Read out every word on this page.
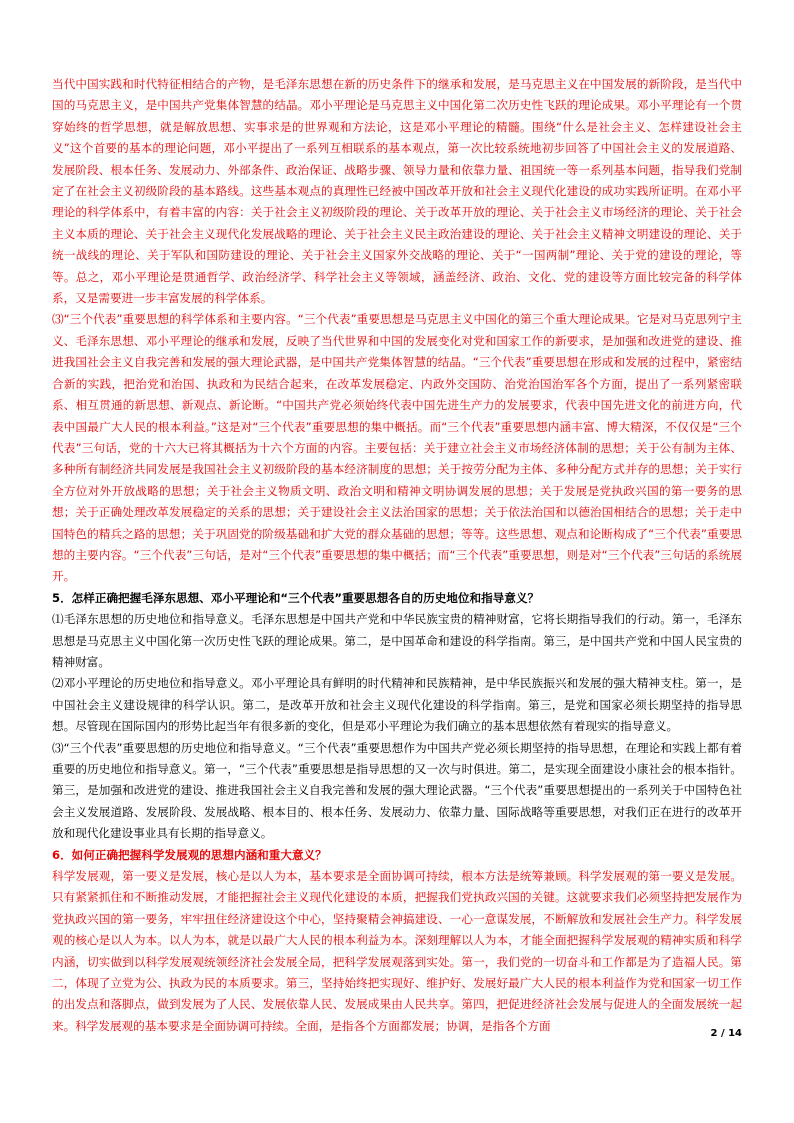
当代中国实践和时代特征相结合的产物，是毛泽东思想在新的历史条件下的继承和发展，是马克思主义在中国发展的新阶段，是当代中国的马克思主义，是中国共产党集体智慧的结晶。邓小平理论是马克思主义中国化第二次历史性飞跃的理论成果。邓小平理论有一个贯穿始终的哲学思想，就是解放思想、实事求是的世界观和方法论，这是邓小平理论的精髓。围绕“什么是社会主义、怎样建设社会主义”这个首要的基本的理论问题，邓小平提出了一系列互相联系的基本观点，第一次比较系统地初步回答了中国社会主义的发展道路、发展阶段、根本任务、发展动力、外部条件、政治保证、战略步骤、领导力量和依靠力量、祖国统一等一系列基本问题，指导我们党制定了在社会主义初级阶段的基本路线。这些基本观点的真理性已经被中国改革开放和社会主义现代化建设的成功实践所证明。在邓小平理论的科学体系中，有着丰富的内容：关于社会主义初级阶段的理论、关于改革开放的理论、关于社会主义市场经济的理论、关于社会主义本质的理论、关于社会主义现代化发展战略的理论、关于社会主义民主政治建设的理论、关于社会主义精神文明建设的理论、关于统一战线的理论、关于军队和国防建设的理论、关于社会主义国家外交战略的理论、关于“一国两制”理论、关于党的建设的理论，等等。总之，邓小平理论是贯通哲学、政治经济学、科学社会主义等领域，涵盖经济、政治、文化、党的建设等方面比较完备的科学体系，又是需要进一步丰富发展的科学体系。

⑶“三个代表”重要思想的科学体系和主要内容。“三个代表”重要思想是马克思主义中国化的第三个重大理论成果。它是对马克思列宁主义、毛泽东思想、邓小平理论的继承和发展，反映了当代世界和中国的发展变化对党和国家工作的新要求，是加强和改进党的建设、推进我国社会主义自我完善和发展的强大理论武器，是中国共产党集体智慧的结晶。“三个代表”重要思想在形成和发展的过程中，紧密结合新的实践，把治党和治国、执政和为民结合起来，在改革发展稳定、内政外交国防、治党治国治军各个方面，提出了一系列紧密联系、相互贯通的新思想、新观点、新论断。“中国共产党必须始终代表中国先进生产力的发展要求，代表中国先进文化的前进方向，代表中国最广大人民的根本利益。”这是对“三个代表”重要思想的集中概括。而“三个代表”重要思想内涵丰富、博大精深，不仅仅是“三个代表”三句话，党的十六大已将其概括为十六个方面的内容。主要包括：关于建立社会主义市场经济体制的思想；关于公有制为主体、多种所有制经济共同发展是我国社会主义初级阶段的基本经济制度的思想；关于按劳分配为主体、多种分配方式并存的思想；关于实行全方位对外开放战略的思想；关于社会主义物质文明、政治文明和精神文明协调发展的思想；关于发展是党执政兴国的第一要务的思想；关于正确处理改革发展稳定的关系的思想；关于建设社会主义法治国家的思想；关于依法治国和以德治国相结合的思想；关于走中国特色的精兵之路的思想；关于巩固党的阶级基础和扩大党的群众基础的思想；等等。这些思想、观点和论断构成了“三个代表”重要思想的主要内容。“三个代表”三句话，是对“三个代表”重要思想的集中概括；而“三个代表”重要思想，则是对“三个代表”三句话的系统展开。

5．怎样正确把握毛泽东思想、邓小平理论和“三个代表”重要思想各自的历史地位和指导意义？

⑴毛泽东思想的历史地位和指导意义。毛泽东思想是中国共产党和中华民族宝贵的精神财富，它将长期指导我们的行动。第一，毛泽东思想是马克思主义中国化第一次历史性飞跃的理论成果。第二，是中国革命和建设的科学指南。第三，是中国共产党和中国人民宝贵的精神财富。

⑵邓小平理论的历史地位和指导意义。邓小平理论具有鲜明的时代精神和民族精神，是中华民族振兴和发展的强大精神支柱。第一，是中国社会主义建设规律的科学认识。第二，是改革开放和社会主义现代化建设的科学指南。第三，是党和国家必须长期坚持的指导思想。尽管现在国际国内的形势比起当年有很多新的变化，但是邓小平理论为我们确立的基本思想依然有着现实的指导意义。

⑶“三个代表”重要思想的历史地位和指导意义。“三个代表”重要思想作为中国共产党必须长期坚持的指导思想，在理论和实践上都有着重要的历史地位和指导意义。第一，“三个代表”重要思想是指导思想的又一次与时俱进。第二，是实现全面建设小康社会的根本指针。第三，是加强和改进党的建设、推进我国社会主义自我完善和发展的强大理论武器。“三个代表”重要思想提出的一系列关于中国特色社会主义发展道路、发展阶段、发展战略、根本目的、根本任务、发展动力、依靠力量、国际战略等重要思想，对我们正在进行的改革开放和现代化建设事业具有长期的指导意义。

6．如何正确把握科学发展观的思想内涵和重大意义？

科学发展观，第一要义是发展，核心是以人为本，基本要求是全面协调可持续，根本方法是统筹兼顾。科学发展观的第一要义是发展。只有紧紧抓住和不断推动发展，才能把握社会主义现代化建设的本质，把握我们党执政兴国的关键。这就要求我们必须坚持把发展作为党执政兴国的第一要务，牢牢扭住经济建设这个中心，坚持聚精会神搞建设、一心一意谋发展，不断解放和发展社会生产力。科学发展观的核心是以人为本。以人为本，就是以最广大人民的根本利益为本。深刻理解以人为本，才能全面把握科学发展观的精神实质和科学内涵，切实做到以科学发展观统领经济社会发展全局，把科学发展观落到实处。第一，我们党的一切奋斗和工作都是为了造福人民。第二，体现了立党为公、执政为民的本质要求。第三，坚持始终把实现好、维护好、发展好最广大人民的根本利益作为党和国家一切工作的出发点和落脚点，做到发展为了人民、发展依靠人民、发展成果由人民共享。第四，把促进经济社会发展与促进人的全面发展统一起来。科学发展观的基本要求是全面协调可持续。全面，是指各个方面都发展；协调，是指各个方面

2 / 14
